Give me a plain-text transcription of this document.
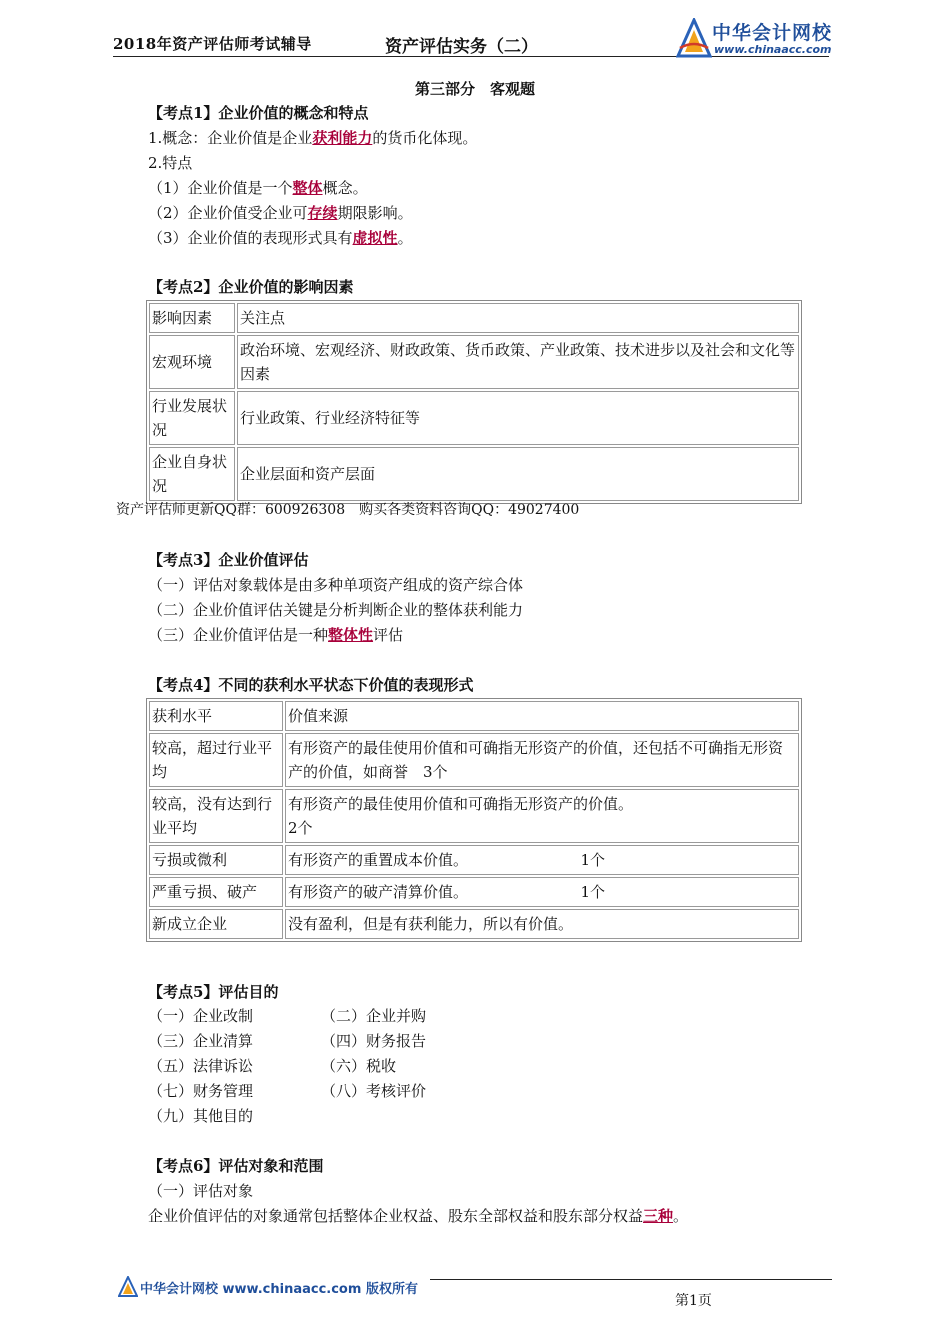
2018年资产评估师考试辅导	资产评估实务（二）
中华会计网校
www.chinaacc.com
第三部分　客观题
【考点1】企业价值的概念和特点
1.概念：企业价值是企业获利能力的货币化体现。
2.特点
（1）企业价值是一个整体概念。
（2）企业价值受企业可存续期限影响。
（3）企业价值的表现形式具有虚拟性。
【考点2】企业价值的影响因素
影响因素	关注点
宏观环境	政治环境、宏观经济、财政政策、货币政策、产业政策、技术进步以及社会和文化等因素
行业发展状况	行业政策、行业经济特征等
企业自身状况	企业层面和资产层面
资产评估师更新QQ群：600926308　购买各类资料咨询QQ：49027400
【考点3】企业价值评估
（一）评估对象载体是由多种单项资产组成的资产综合体
（二）企业价值评估关键是分析判断企业的整体获利能力
（三）企业价值评估是一种整体性评估
【考点4】不同的获利水平状态下价值的表现形式
获利水平	价值来源
较高，超过行业平均	有形资产的最佳使用价值和可确指无形资产的价值，还包括不可确指无形资产的价值，如商誉　3个
较高，没有达到行业平均	有形资产的最佳使用价值和可确指无形资产的价值。
2个
亏损或微利	有形资产的重置成本价值。　　　　　　　　1个
严重亏损、破产	有形资产的破产清算价值。　　　　　　　　1个
新成立企业	没有盈利，但是有获利能力，所以有价值。
【考点5】评估目的
（一）企业改制
（三）企业清算
（五）法律诉讼
（七）财务管理
（九）其他目的
（二）企业并购
（四）财务报告
（六）税收
（八）考核评价
【考点6】评估对象和范围
（一）评估对象
企业价值评估的对象通常包括整体企业权益、股东全部权益和股东部分权益三种。
中华会计网校 www.chinaacc.com 版权所有
第1页
